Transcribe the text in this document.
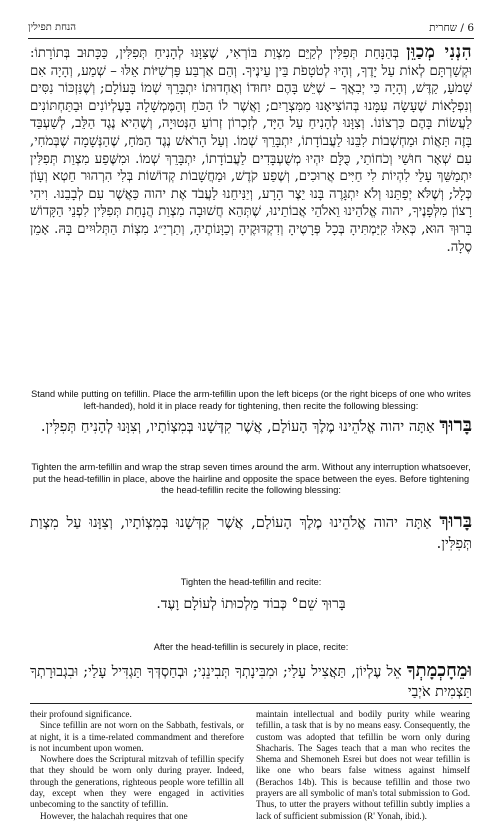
6 / שחרית
הנחת תפילין
הִנְנִי מְכַוֵּן בְּהַנָּחַת תְּפִלִּין לְקַיֵּם מִצְוַת בּוֹרְאִי, שֶׁצִּוָּנוּ לְהָנִיחַ תְּפִלִּין, כַּכָּתוּב בְּתוֹרָתוֹ: וּקְשַׁרְתָּם לְאוֹת עַל יָדֶךָ, וְהָיוּ לְטֹטָפֹת בֵּין עֵינֶיךָ. וְהֵם אַרְבַּע פַּרְשִׁיּוֹת אֵלּוּ – שְׁמַע, וְהָיָה אִם שָׁמֹעַ, קַדֶּשׁ, וְהָיָה כִּי יְבִאֲךָ – שֶׁיֵּשׁ בָּהֶם יִחוּדוֹ וְאַחְדוּתוֹ יִתְבָּרֵךְ שְׁמוֹ בָּעוֹלָם; וְשֶׁנִּזְכּוֹר נִסִּים וְנִפְלָאוֹת שֶׁעָשָׂה עִמָּנוּ בְּהוֹצִיאָנוּ מִמִּצְרַיִם; וַאֲשֶׁר לוֹ הַכֹּחַ וְהַמֶּמְשָׁלָה בָּעֶלְיוֹנִים וּבַתַּחְתּוֹנִים לַעֲשׂוֹת בָּהֶם כִּרְצוֹנוֹ. וְצִוָּנוּ לְהָנִיחַ עַל הַיָּד, לְזִכְרוֹן זְרוֹעַ הַנְּטוּיָה, וְשֶׁהִיא נֶגֶד הַלֵּב, לְשַׁעְבֵּד בָּזֶה תַּאֲוֹת וּמַחְשְׁבוֹת לִבֵּנוּ לַעֲבוֹדָתוֹ, יִתְבָּרֵךְ שְׁמוֹ. וְעַל הָרֹאשׁ נֶגֶד הַמֹּחַ, שֶׁהַנְּשָׁמָה שֶׁבְּמֹחִי, עִם שְׁאָר חוּשַׁי וְכֹחוֹתַי, כֻּלָּם יִהְיוּ מְשֻׁעְבָּדִים לַעֲבוֹדָתוֹ, יִתְבָּרֵךְ שְׁמוֹ. וּמִשֶּׁפַע מִצְוַת תְּפִלִּין יִתְמַשֵּׁךְ עָלַי לִהְיוֹת לִי חַיִּים אֲרוּכִים, וְשֶׁפַע קֹדֶשׁ, וּמַחֲשָׁבוֹת קְדוֹשׁוֹת בְּלִי הִרְהוּר חֵטְא וְעָוֹן כְּלָל; וְשֶׁלֹּא יְפַתֵּנוּ וְלֹא יִתְגָּרֶה בָּנוּ יֵצֶר הָרָע, וְיַנִּיחֵנוּ לַעֲבֹד אֶת יהוה כַּאֲשֶׁר עִם לְבָבֵנוּ. וִיהִי רָצוֹן מִלְּפָנֶיךָ, יהוה אֱלֹהֵינוּ וֵאלֹהֵי אֲבוֹתֵינוּ, שֶׁתְּהֵא חֲשׁוּבָה מִצְוַת הֲנָחַת תְּפִלִּין לִפְנֵי הַקָּדוֹשׁ בָּרוּךְ הוּא, כְּאִלּוּ קִיַּמְתִּיהָ בְּכָל פְּרָטֶיהָ וְדִקְדּוּקֶיהָ וְכַוָּנוֹתֶיהָ, וְתַרְיַ״ג מִצְוֹת הַתְּלוּיִים בָּהּ. אָמֵן סֶלָה.
Stand while putting on tefillin. Place the arm-tefillin upon the left biceps (or the right biceps of one who writes left-handed), hold it in place ready for tightening, then recite the following blessing:
בָּרוּךְ אַתָּה יהוה אֱלֹהֵינוּ מֶלֶךְ הָעוֹלָם, אֲשֶׁר קִדְּשָׁנוּ בְּמִצְוֹתָיו, וְצִוָּנוּ לְהָנִיחַ תְּפִלִּין.
Tighten the arm-tefillin and wrap the strap seven times around the arm. Without any interruption whatsoever, put the head-tefillin in place, above the hairline and opposite the space between the eyes. Before tightening the head-tefillin recite the following blessing:
בָּרוּךְ אַתָּה יהוה אֱלֹהֵינוּ מֶלֶךְ הָעוֹלָם, אֲשֶׁר קִדְּשָׁנוּ בְּמִצְוֹתָיו, וְצִוָּנוּ עַל מִצְוַת תְּפִלִּין.
Tighten the head-tefillin and recite:
בָּרוּךְ שֵׁם° כְּבוֹד מַלְכוּתוֹ לְעוֹלָם וָעֶד.
After the head-tefillin is securely in place, recite:
וּמֵחָכְמָתְךָ אֵל עֶלְיוֹן, תַּאֲצִיל עָלַי; וּמִבִּינָתְךָ תְּבִינֵנִי; וּבְחַסְדְּךָ תַּגְדִּיל עָלַי; וּבִגְבוּרָתְךָ תַּצְמִית אֹיְבַי

their profound significance.

Since tefillin are not worn on the Sabbath, festivals, or at night, it is a time-related commandment and therefore is not incumbent upon women.

Nowhere does the Scriptural mitzvah of tefillin specify that they should be worn only during prayer. Indeed, through the generations, righteous people wore tefillin all day, except when they were engaged in activities unbecoming to the sanctity of tefillin.

However, the halachah requires that one

maintain intellectual and bodily purity while wearing tefillin, a task that is by no means easy. Consequently, the custom was adopted that tefillin be worn only during Shacharis. The Sages teach that a man who recites the Shema and Shemoneh Esrei but does not wear tefillin is like one who bears false witness against himself (Berachos 14b). This is because tefillin and those two prayers are all symbolic of man's total submission to God. Thus, to utter the prayers without tefillin subtly implies a lack of sufficient submission (R' Yonah, ibid.).
